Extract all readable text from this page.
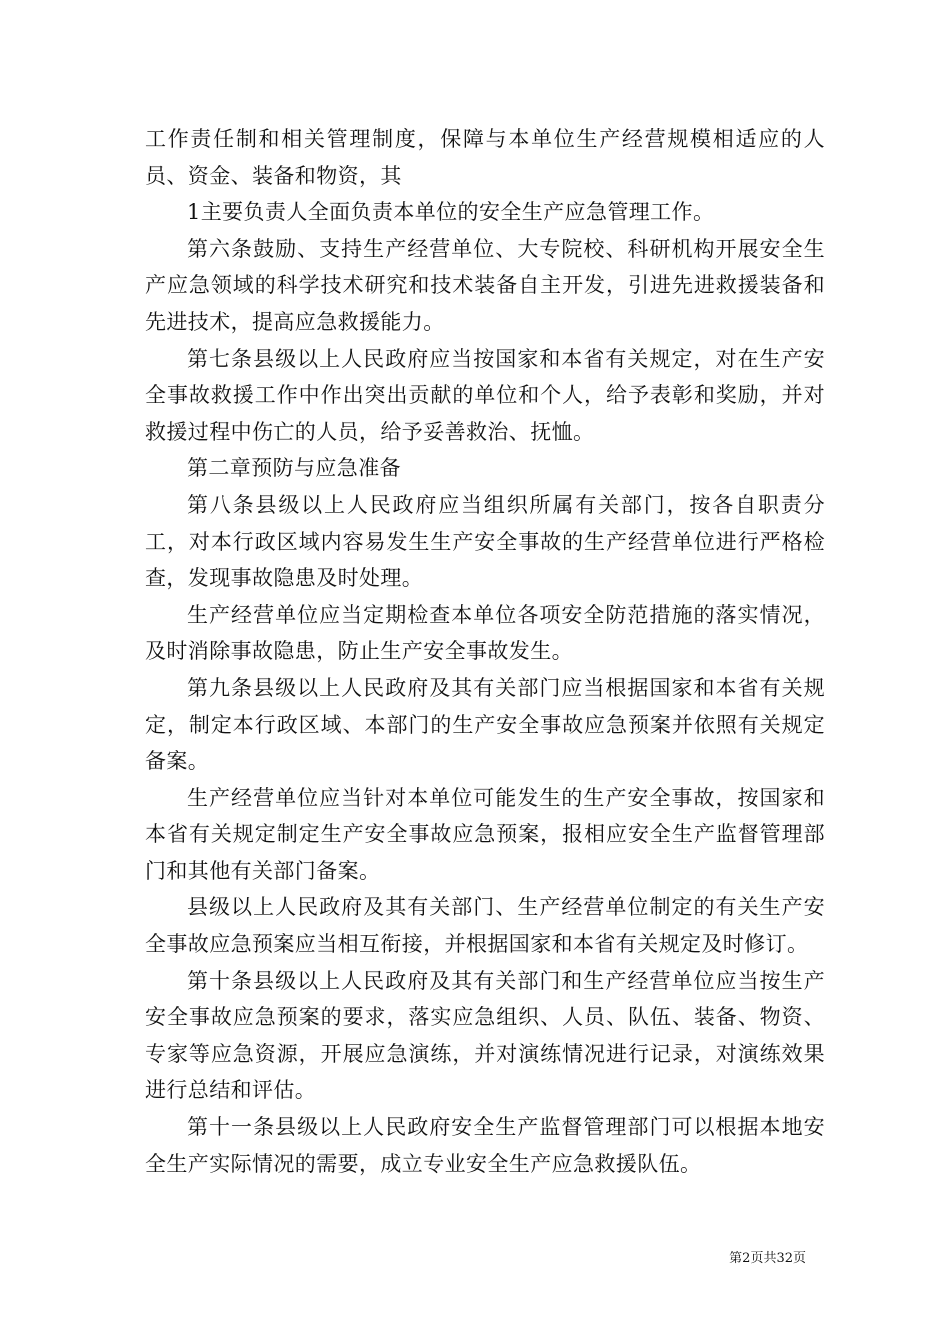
工作责任制和相关管理制度，保障与本单位生产经营规模相适应的人员、资金、装备和物资，其

1主要负责人全面负责本单位的安全生产应急管理工作。

第六条鼓励、支持生产经营单位、大专院校、科研机构开展安全生产应急领域的科学技术研究和技术装备自主开发，引进先进救援装备和先进技术，提高应急救援能力。

第七条县级以上人民政府应当按国家和本省有关规定，对在生产安全事故救援工作中作出突出贡献的单位和个人，给予表彰和奖励，并对救援过程中伤亡的人员，给予妥善救治、抚恤。

第二章预防与应急准备

第八条县级以上人民政府应当组织所属有关部门，按各自职责分工，对本行政区域内容易发生生产安全事故的生产经营单位进行严格检查，发现事故隐患及时处理。

生产经营单位应当定期检查本单位各项安全防范措施的落实情况，及时消除事故隐患，防止生产安全事故发生。

第九条县级以上人民政府及其有关部门应当根据国家和本省有关规定，制定本行政区域、本部门的生产安全事故应急预案并依照有关规定备案。

生产经营单位应当针对本单位可能发生的生产安全事故，按国家和本省有关规定制定生产安全事故应急预案，报相应安全生产监督管理部门和其他有关部门备案。

县级以上人民政府及其有关部门、生产经营单位制定的有关生产安全事故应急预案应当相互衔接，并根据国家和本省有关规定及时修订。

第十条县级以上人民政府及其有关部门和生产经营单位应当按生产安全事故应急预案的要求，落实应急组织、人员、队伍、装备、物资、专家等应急资源，开展应急演练，并对演练情况进行记录，对演练效果进行总结和评估。

第十一条县级以上人民政府安全生产监督管理部门可以根据本地安全生产实际情况的需要，成立专业安全生产应急救援队伍。

第2页共32页
